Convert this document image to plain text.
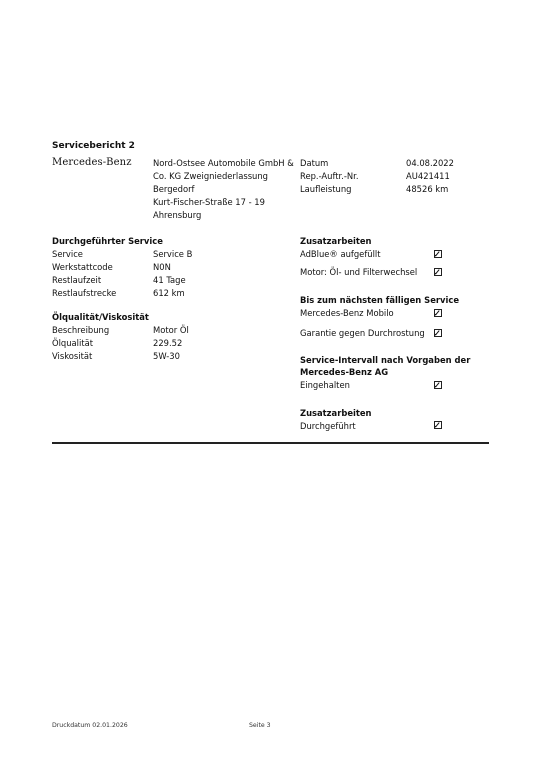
Servicebericht 2
Mercedes-Benz	Nord-Ostsee Automobile GmbH &
Co. KG Zweigniederlassung
Bergedorf
Kurt-Fischer-Straße 17 - 19
Ahrensburg
Datum	04.08.2022
Rep.-Auftr.-Nr.	AU421411
Laufleistung	48526 km
Durchgeführter Service
Service	Service B
Werkstattcode	N0N
Restlaufzeit	41 Tage
Restlaufstrecke	612 km
Ölqualität/Viskosität
Beschreibung	Motor Öl
Ölqualität	229.52
Viskosität	5W-30
Zusatzarbeiten
AdBlue® aufgefüllt
Motor: Öl- und Filterwechsel
Bis zum nächsten fälligen Service
Mercedes-Benz Mobilo
Garantie gegen Durchrostung
Service-Intervall nach Vorgaben der
Mercedes-Benz AG
Eingehalten
Zusatzarbeiten
Durchgeführt
Druckdatum 02.01.2026	Seite 3
